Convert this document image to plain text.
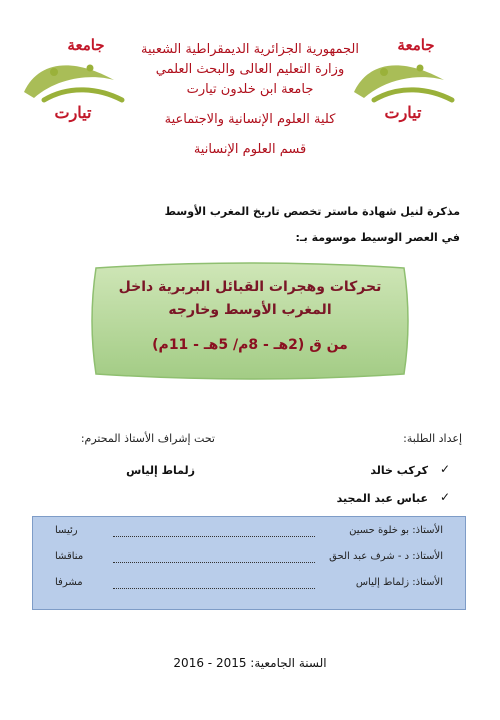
جامعة
تيارت
جامعة
تيارت
الجمهورية الجزائرية الديمقراطية الشعبية
وزارة التعليم العالى والبحث العلمي
جامعة ابن خلدون تيارت
كلية العلوم الإنسانية والاجتماعية
قسم العلوم الإنسانية
مذكرة لنيل شهادة ماستر تخصص تاريخ المغرب الأوسط
في العصر الوسيط موسومة بـ:
تحركات وهجرات القبائل البربرية داخل
المغرب الأوسط وخارجه
من ق (2هـ - 8م/ 5هـ - 11م)
إعداد الطلبة:
تحت إشراف الأستاذ المحترم:
✓
كركب خالد
زلماط إلياس
✓
عباس عبد المجيد
الأستاذ: بو خلوة حسين
رئيسا
الأستاذ: د - شرف عبد الحق
مناقشا
الأستاذ: زلماط إلياس
مشرفا
السنة الجامعية: 2015 - 2016
